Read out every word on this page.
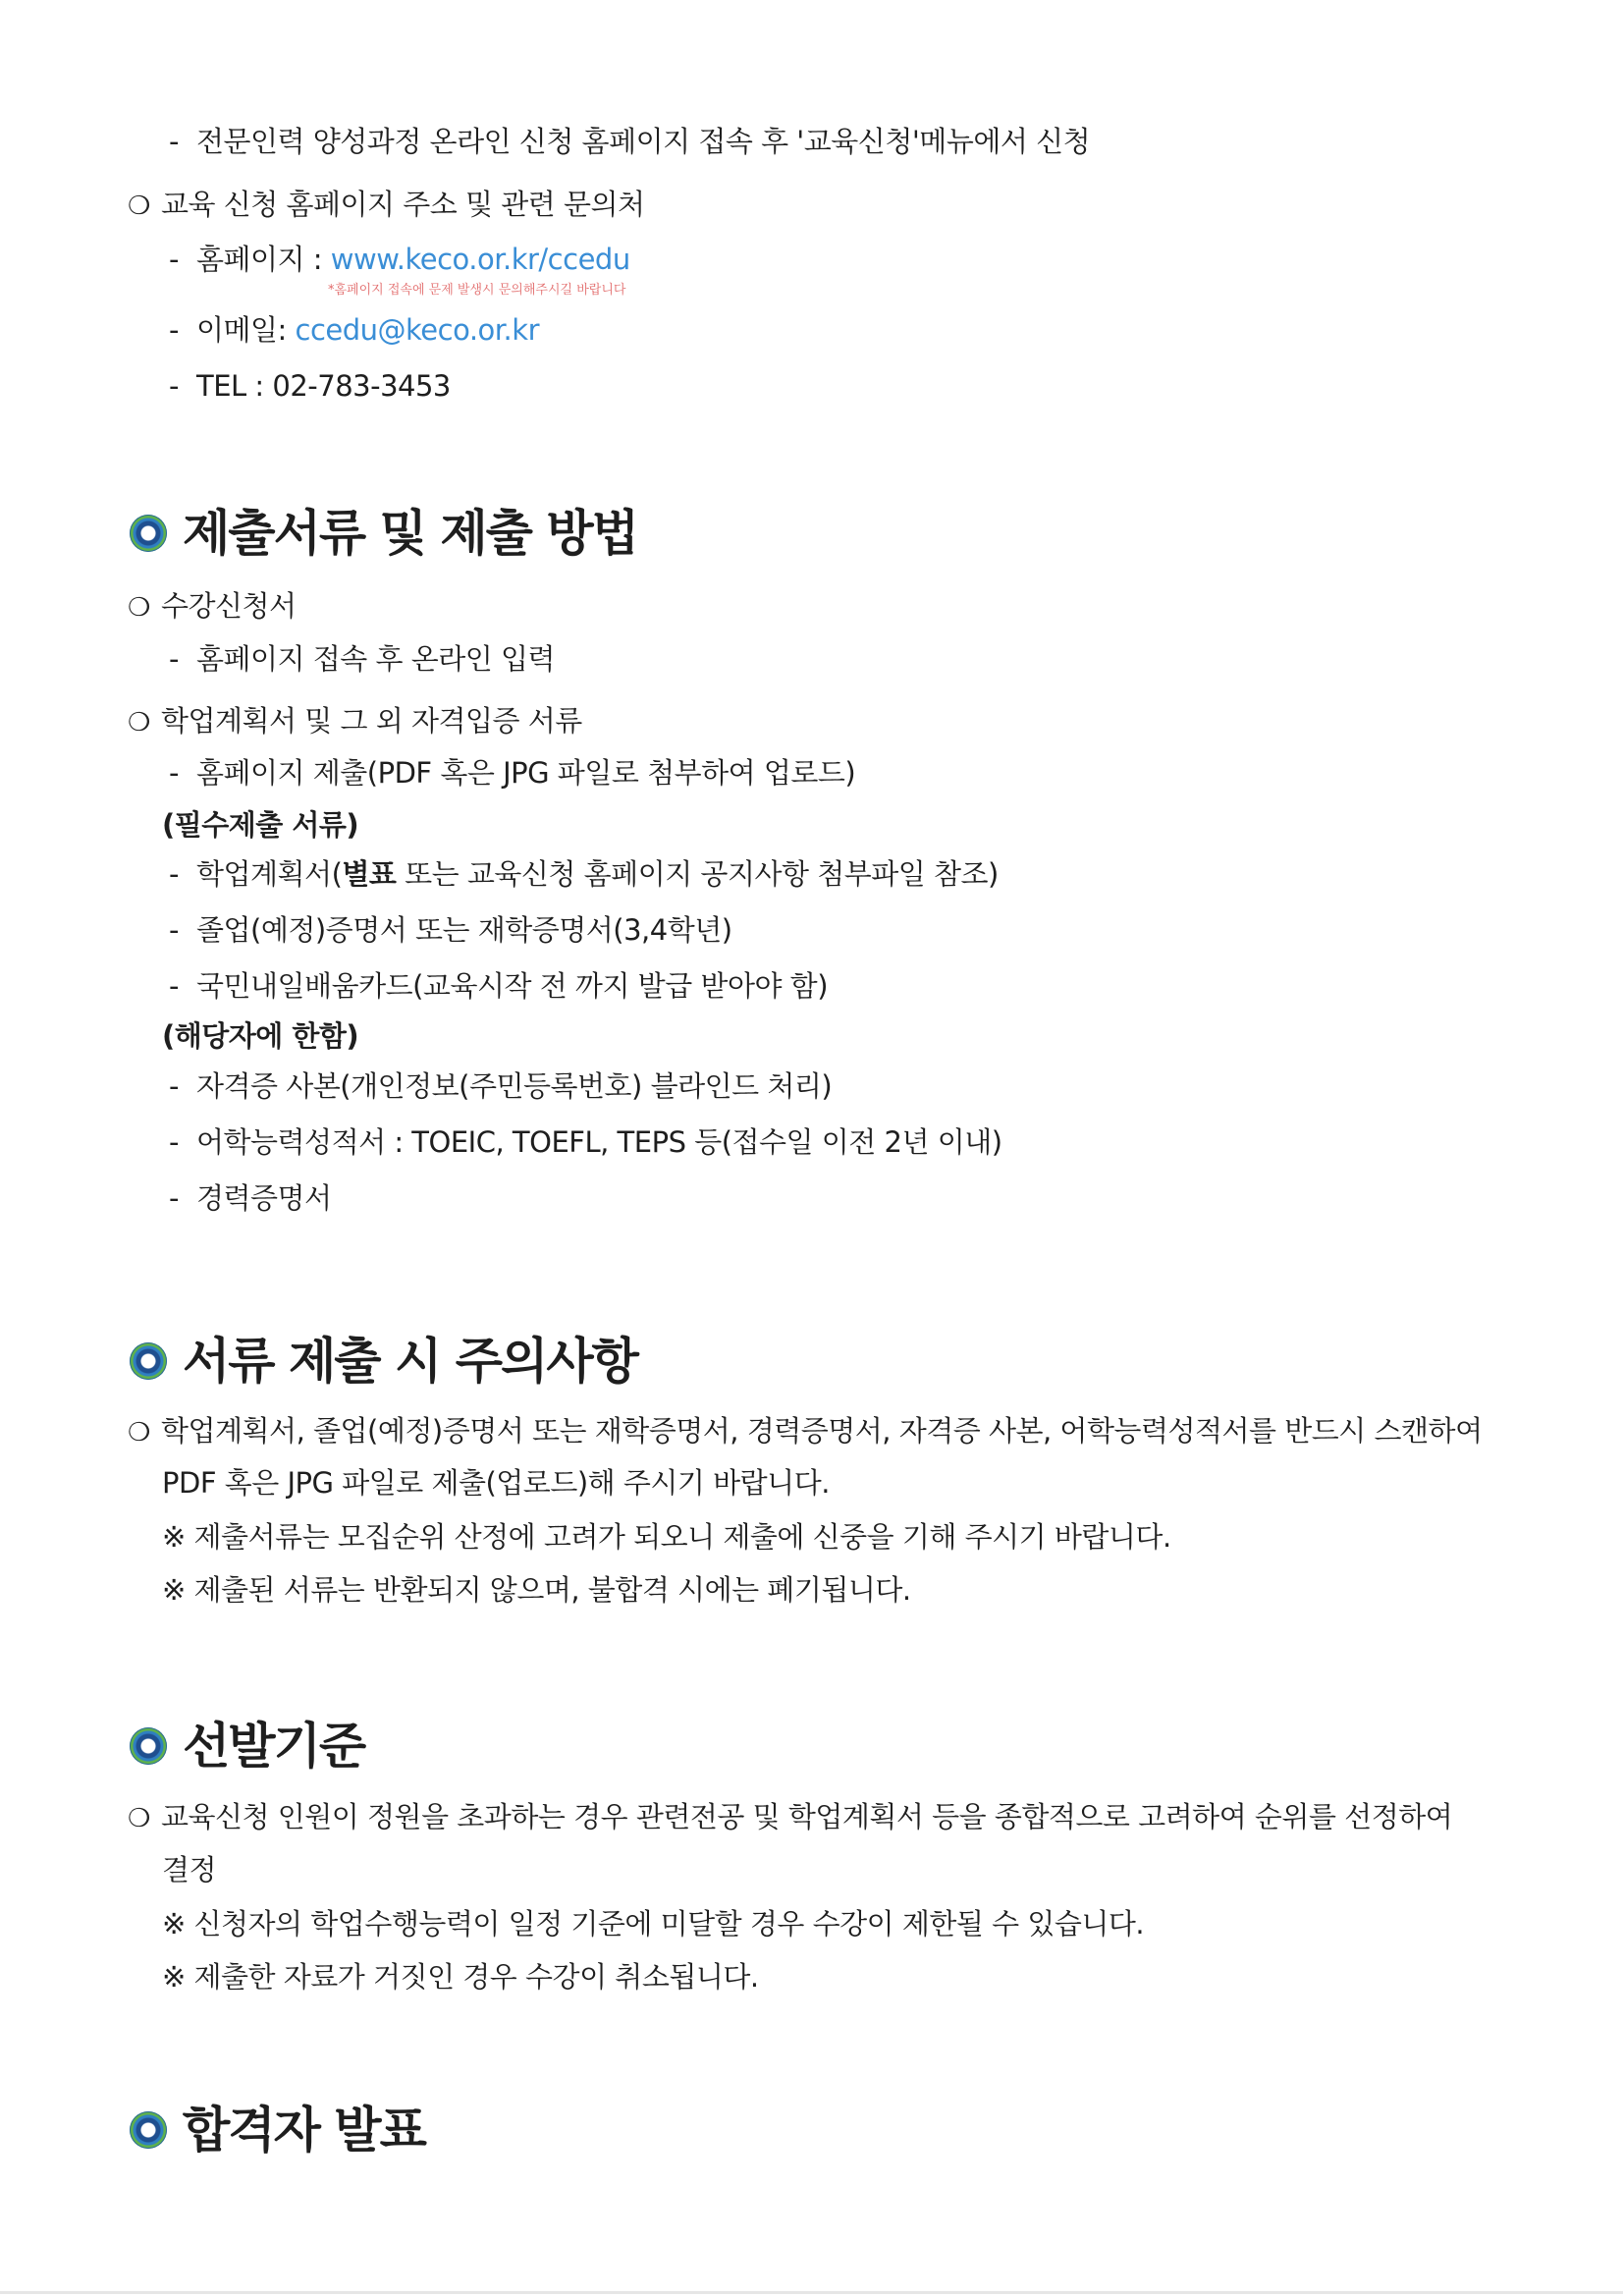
- 전문인력 양성과정 온라인 신청 홈페이지 접속 후 '교육신청'메뉴에서 신청
❍ 교육 신청 홈페이지 주소 및 관련 문의처
- 홈페이지 : www.keco.or.kr/ccedu
*홈페이지 접속에 문제 발생시 문의해주시길 바랍니다
- 이메일: ccedu@keco.or.kr
- TEL : 02-783-3453
제출서류 및 제출 방법
❍ 수강신청서
- 홈페이지 접속 후 온라인 입력
❍ 학업계획서 및 그 외 자격입증 서류
- 홈페이지 제출(PDF 혹은 JPG 파일로 첨부하여 업로드)
(필수제출 서류)
- 학업계획서(별표 또는 교육신청 홈페이지 공지사항 첨부파일 참조)
- 졸업(예정)증명서 또는 재학증명서(3,4학년)
- 국민내일배움카드(교육시작 전 까지 발급 받아야 함)
(해당자에 한함)
- 자격증 사본(개인정보(주민등록번호) 블라인드 처리)
- 어학능력성적서 : TOEIC, TOEFL, TEPS 등(접수일 이전 2년 이내)
- 경력증명서
서류 제출 시 주의사항
❍ 학업계획서, 졸업(예정)증명서 또는 재학증명서, 경력증명서, 자격증 사본, 어학능력성적서를 반드시 스캔하여
PDF 혹은 JPG 파일로 제출(업로드)해 주시기 바랍니다.
※ 제출서류는 모집순위 산정에 고려가 되오니 제출에 신중을 기해 주시기 바랍니다.
※ 제출된 서류는 반환되지 않으며, 불합격 시에는 폐기됩니다.
선발기준
❍ 교육신청 인원이 정원을 초과하는 경우 관련전공 및 학업계획서 등을 종합적으로 고려하여 순위를 선정하여
결정
※ 신청자의 학업수행능력이 일정 기준에 미달할 경우 수강이 제한될 수 있습니다.
※ 제출한 자료가 거짓인 경우 수강이 취소됩니다.
합격자 발표
